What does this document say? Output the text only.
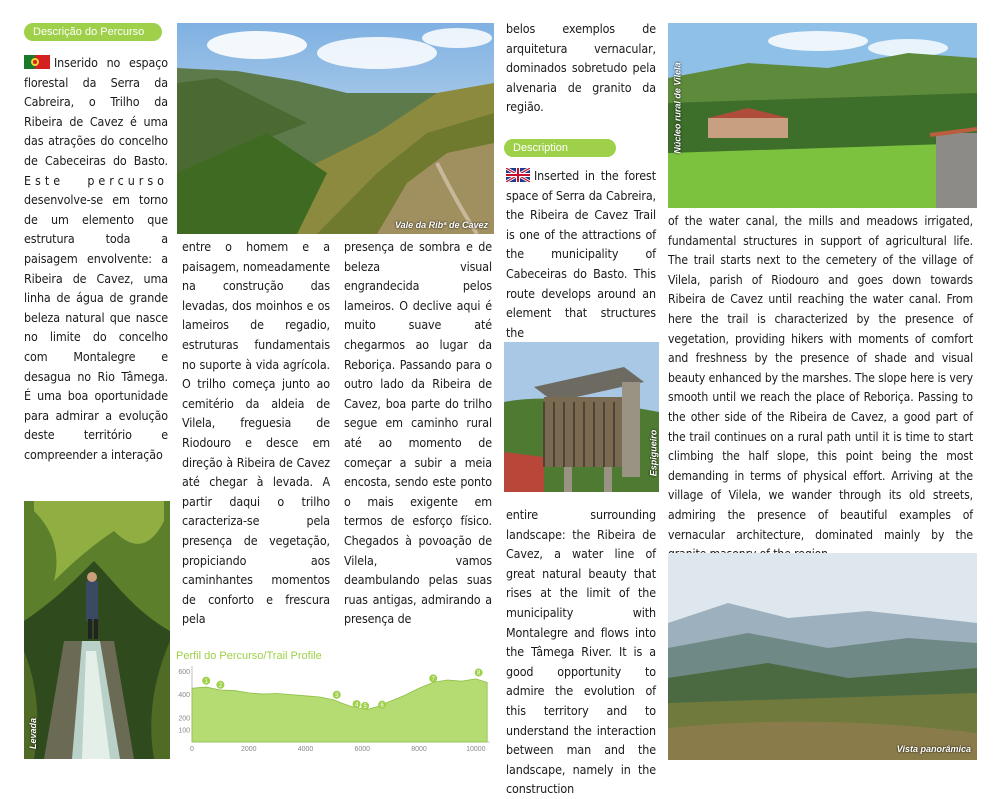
Descrição do Percurso

Inserido no espaço florestal da Serra da Cabreira, o Trilho da Ribeira de Cavez é uma das atrações do concelho de Cabeceiras do Basto. Este percurso desenvolve-se em torno de um elemento que estrutura toda a paisagem envolvente: a Ribeira de Cavez, uma linha de água de grande beleza natural que nasce no limite do concelho com Montalegre e desagua no Rio Tâmega. É uma boa oportunidade para admirar a evolução deste território e compreender a interação

Levada
Vale da Ribª de Cavez

entre o homem e a paisagem, nomeadamente na construção das levadas, dos moinhos e os lameiros de regadio, estruturas fundamentais no suporte à vida agrícola. O trilho começa junto ao cemitério da aldeia de Vilela, freguesia de Riodouro e desce em direção à Ribeira de Cavez até chegar à levada. A partir daqui o trilho caracteriza-se pela presença de vegetação, propiciando aos caminhantes momentos de conforto e frescura pela

presença de sombra e de beleza visual engrandecida pelos lameiros. O declive aqui é muito suave até chegarmos ao lugar da Reboriça. Passando para o outro lado da Ribeira de Cavez, boa parte do trilho segue em caminho rural até ao momento de começar a subir a meia encosta, sendo este ponto o mais exigente em termos de esforço físico. Chegados à povoação de Vilela, vamos deambulando pelas suas ruas antigas, admirando a presença de

Perfil do Percurso/Trail Profile
0	2000	4000	6000	8000	10000
100
200
400
600
1
2
3
4 5 6
7
8

belos exemplos de arquitetura vernacular, dominados sobretudo pela alvenaria de granito da região.

Description

Inserted in the forest space of Serra da Cabreira, the Ribeira de Cavez Trail is one of the attractions of the municipality of Cabeceiras do Basto. This route develops around an element that structures the

Espigueiro

entire surrounding landscape: the Ribeira de Cavez, a water line of great natural beauty that rises at the limit of the municipality with Montalegre and flows into the Tâmega River. It is a good opportunity to admire the evolution of this territory and to understand the interaction between man and the landscape, namely in the construction

Núcleo rural de Vilela

of the water canal, the mills and meadows irrigated, fundamental structures in support of agricultural life. The trail starts next to the cemetery of the village of Vilela, parish of Riodouro and goes down towards Ribeira de Cavez until reaching the water canal. From here the trail is characterized by the presence of vegetation, providing hikers with moments of comfort and freshness by the presence of shade and visual beauty enhanced by the marshes. The slope here is very smooth until we reach the place of Reboriça. Passing to the other side of the Ribeira de Cavez, a good part of the trail continues on a rural path until it is time to start climbing the half slope, this point being the most demanding in terms of physical effort. Arriving at the village of Vilela, we wander through its old streets, admiring the presence of beautiful examples of vernacular architecture, dominated mainly by the

Vista panorâmica
